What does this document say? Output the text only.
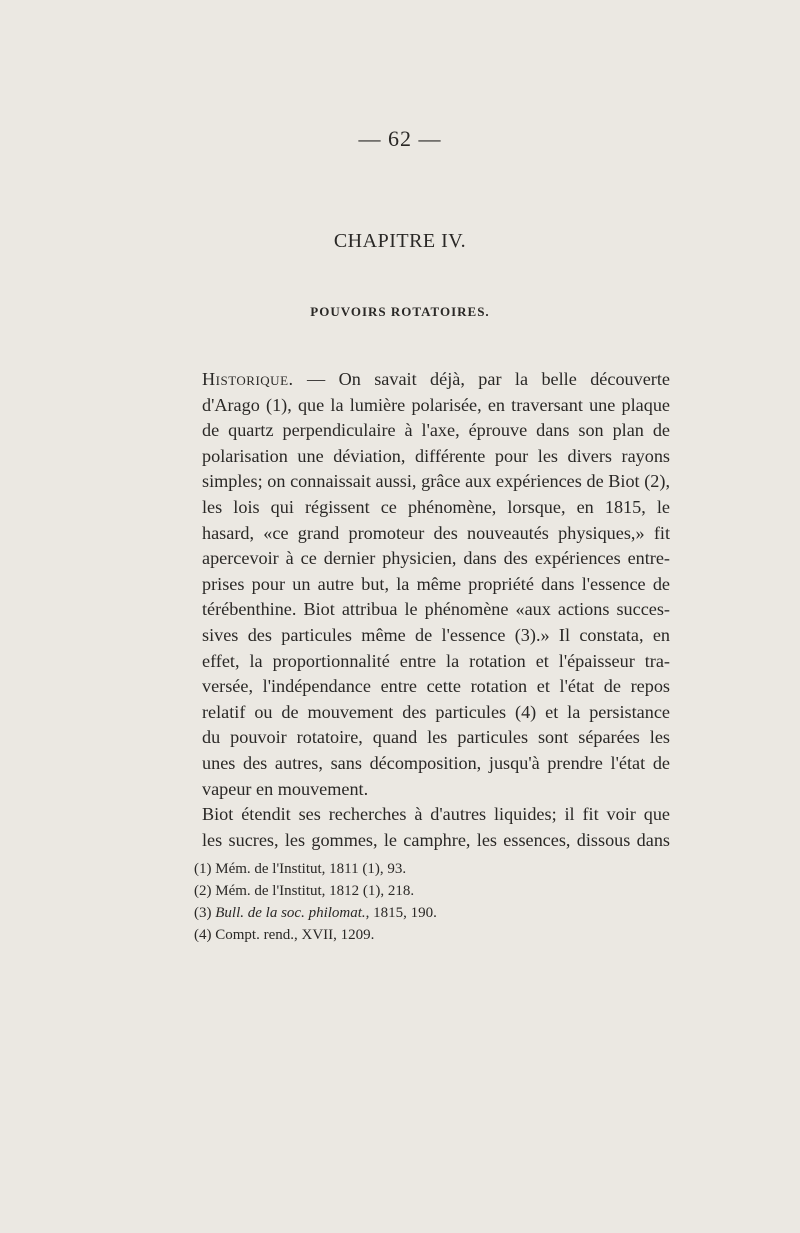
— 62 —
CHAPITRE IV.
POUVOIRS ROTATOIRES.

Historique. — On savait déjà, par la belle découverte
d'Arago (1), que la lumière polarisée, en traversant une plaque
de quartz perpendiculaire à l'axe, éprouve dans son plan de
polarisation une déviation, différente pour les divers rayons
simples; on connaissait aussi, grâce aux expériences de Biot (2),
les lois qui régissent ce phénomène, lorsque, en 1815, le
hasard, «ce grand promoteur des nouveautés physiques,» fit
apercevoir à ce dernier physicien, dans des expériences entre-
prises pour un autre but, la même propriété dans l'essence de
térébenthine. Biot attribua le phénomène «aux actions succes-
sives des particules même de l'essence (3).» Il constata, en
effet, la proportionnalité entre la rotation et l'épaisseur tra-
versée, l'indépendance entre cette rotation et l'état de repos
relatif ou de mouvement des particules (4) et la persistance
du pouvoir rotatoire, quand les particules sont séparées les
unes des autres, sans décomposition, jusqu'à prendre l'état de
vapeur en mouvement.

Biot étendit ses recherches à d'autres liquides; il fit voir que
les sucres, les gommes, le camphre, les essences, dissous dans

(1) Mém. de l'Institut, 1811 (1), 93.
(2) Mém. de l'Institut, 1812 (1), 218.
(3) Bull. de la soc. philomat., 1815, 190.
(4) Compt. rend., XVII, 1209.
